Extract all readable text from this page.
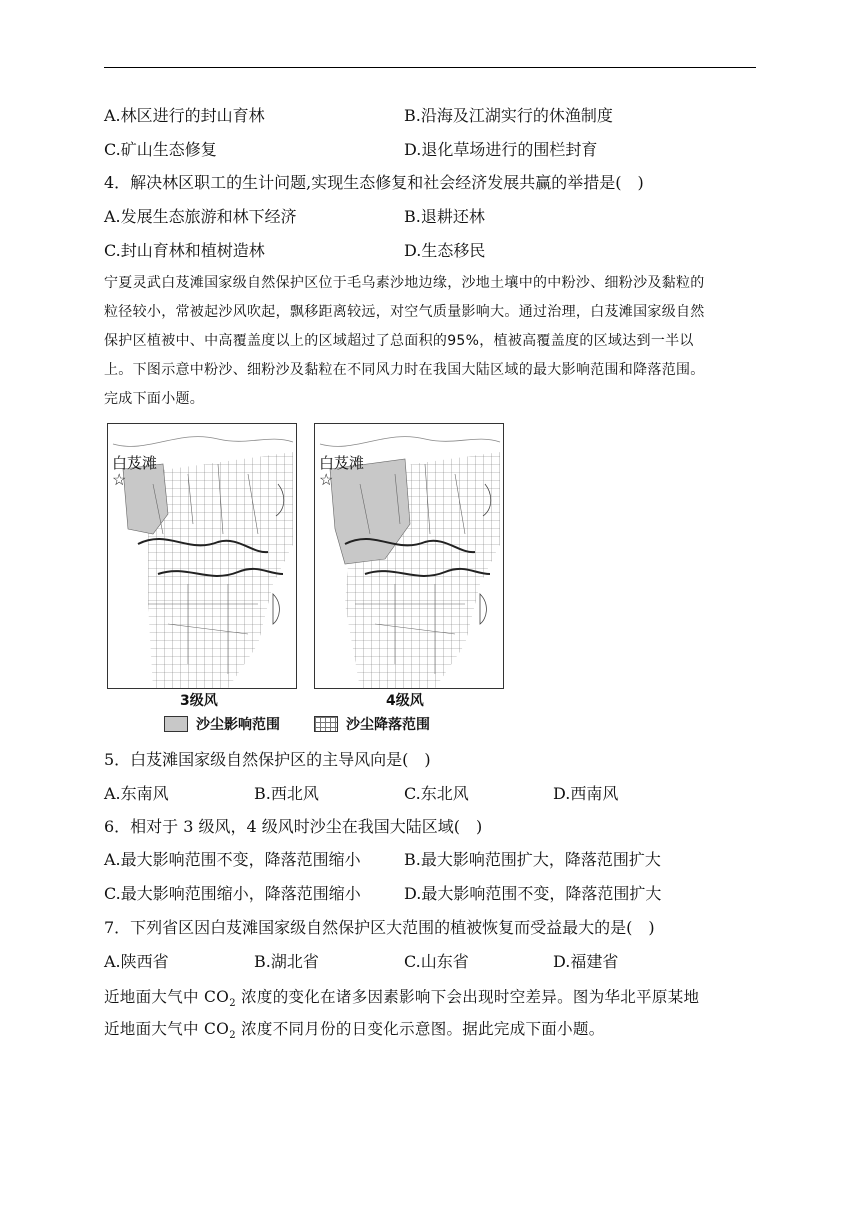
A.林区进行的封山育林	B.沿海及江湖实行的休渔制度
C.矿山生态修复	D.退化草场进行的围栏封育
4．解决林区职工的生计问题,实现生态修复和社会经济发展共赢的举措是(　)
A.发展生态旅游和林下经济	B.退耕还林
C.封山育林和植树造林	D.生态移民
宁夏灵武白芨滩国家级自然保护区位于毛乌素沙地边缘，沙地土壤中的中粉沙、细粉沙及黏粒的
粒径较小，常被起沙风吹起，飘移距离较远，对空气质量影响大。通过治理，白芨滩国家级自然
保护区植被中、中高覆盖度以上的区域超过了总面积的95%，植被高覆盖度的区域达到一半以
上。下图示意中粉沙、细粉沙及黏粒在不同风力时在我国大陆区域的最大影响范围和降落范围。
完成下面小题。
白芨滩
☆
白芨滩
☆
3级风	4级风
沙尘影响范围	沙尘降落范围
5．白芨滩国家级自然保护区的主导风向是(　)
A.东南风	B.西北风	C.东北风	D.西南风
6．相对于 3 级风，4 级风时沙尘在我国大陆区域(　)
A.最大影响范围不变，降落范围缩小	B.最大影响范围扩大，降落范围扩大
C.最大影响范围缩小，降落范围缩小	D.最大影响范围不变，降落范围扩大
7．下列省区因白芨滩国家级自然保护区大范围的植被恢复而受益最大的是(　)
A.陕西省	B.湖北省	C.山东省	D.福建省
近地面大气中 $CO_2$ 浓度的变化在诸多因素影响下会出现时空差异。图为华北平原某地
近地面大气中 $CO_2$ 浓度不同月份的日变化示意图。据此完成下面小题。
